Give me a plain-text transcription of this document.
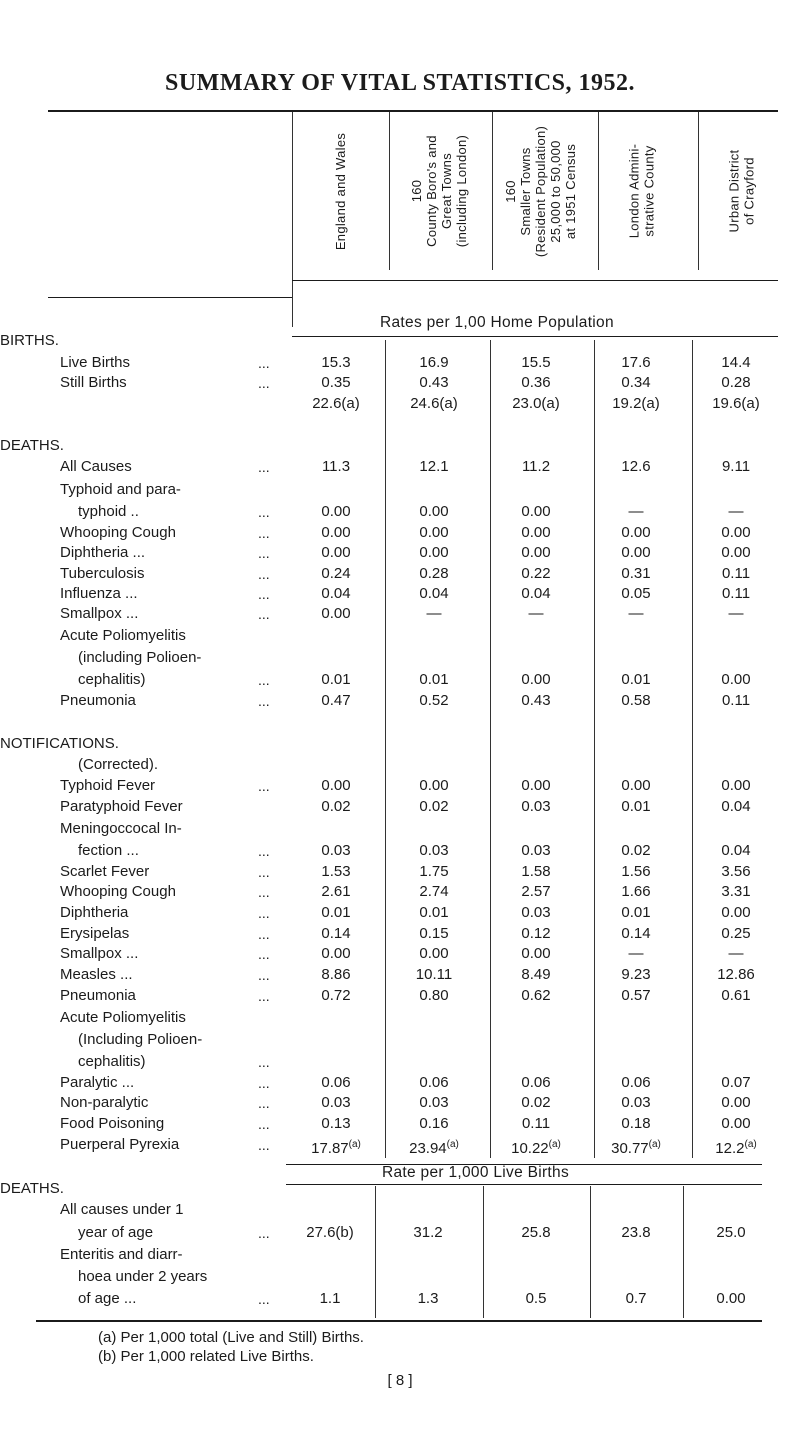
SUMMARY OF VITAL STATISTICS, 1952.
England and Wales	160
County Boro's and
Great Towns
(including London)	160
Smaller Towns
(Resident Population)
25,000 to 50,000
at 1951 Census	London Admini-
strative County	Urban District
of Crayford
Rates per 1,00 Home Population
Rate per 1,000 Live Births
BIRTHS.
Live Births	...	15.3	16.9	15.5	17.6	14.4
Still Births	...	0.35	0.43	0.36	0.34	0.28
22.6(a)	24.6(a)	23.0(a)	19.2(a)	19.6(a)
DEATHS.
All Causes	...	11.3	12.1	11.2	12.6	9.11
Typhoid and para-
typhoid ..	...	0.00	0.00	0.00	—	—
Whooping Cough	...	0.00	0.00	0.00	0.00	0.00
Diphtheria ...	...	0.00	0.00	0.00	0.00	0.00
Tuberculosis	...	0.24	0.28	0.22	0.31	0.11
Influenza ...	...	0.04	0.04	0.04	0.05	0.11
Smallpox ...	...	0.00	—	—	—	—
Acute Poliomyelitis
(including Polioen-
cephalitis)	...	0.01	0.01	0.00	0.01	0.00
Pneumonia	...	0.47	0.52	0.43	0.58	0.11
NOTIFICATIONS.
(Corrected).
Typhoid Fever	...	0.00	0.00	0.00	0.00	0.00
Paratyphoid Fever	0.02	0.02	0.03	0.01	0.04
Meningoccocal In-
fection ...	...	0.03	0.03	0.03	0.02	0.04
Scarlet Fever	...	1.53	1.75	1.58	1.56	3.56
Whooping Cough	...	2.61	2.74	2.57	1.66	3.31
Diphtheria	...	0.01	0.01	0.03	0.01	0.00
Erysipelas	...	0.14	0.15	0.12	0.14	0.25
Smallpox ...	...	0.00	0.00	0.00	—	—
Measles ...	...	8.86	10.11	8.49	9.23	12.86
Pneumonia	...	0.72	0.80	0.62	0.57	0.61
Acute Poliomyelitis
(Including Polioen-
cephalitis)	...
Paralytic ...	...	0.06	0.06	0.06	0.06	0.07
Non-paralytic	...	0.03	0.03	0.02	0.03	0.00
Food Poisoning	...	0.13	0.16	0.11	0.18	0.00
Puerperal Pyrexia	...	17.87$^{(a)}$	23.94$^{(a)}$	10.22$^{(a)}$	30.77$^{(a)}$	12.2$^{(a)}$
DEATHS.
All causes under 1
year of age	...	27.6(b)	31.2	25.8	23.8	25.0
Enteritis and diarr-
hoea under 2 years
of age ...	...	1.1	1.3	0.5	0.7	0.00
(a) Per 1,000 total (Live and Still) Births.
(b) Per 1,000 related Live Births.
[ 8 ]
